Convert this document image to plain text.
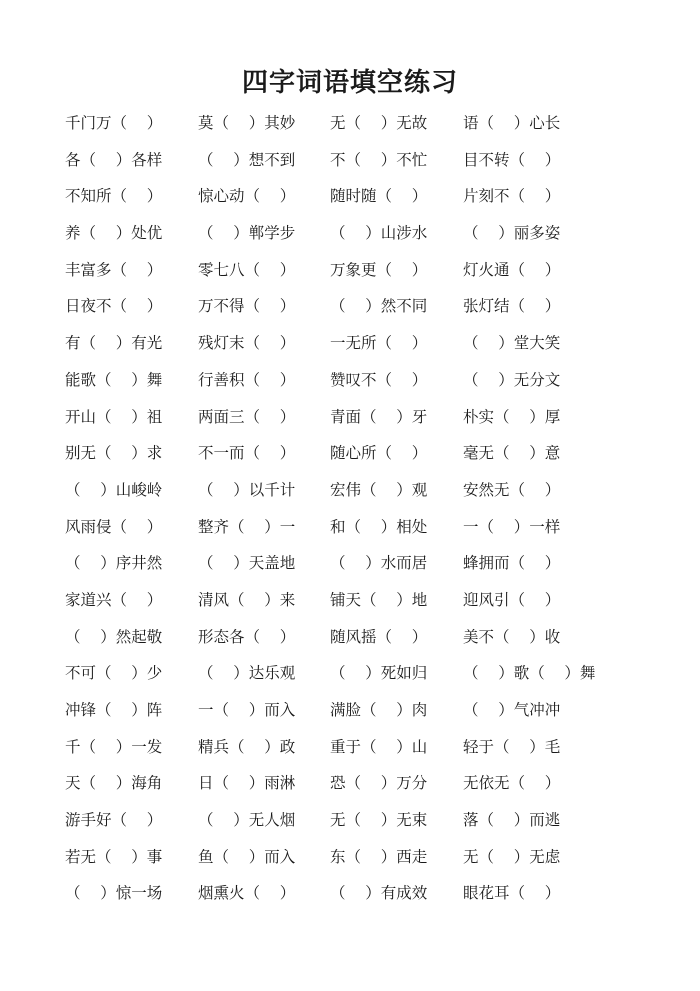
四字词语填空练习
千门万（    ） 莫（    ）其妙 无（    ）无故 语（    ）心长
各（    ）各样 （    ）想不到 不（    ）不忙 目不转（    ）
不知所（    ） 惊心动（    ） 随时随（    ） 片刻不（    ）
养（    ）处优 （    ）郸学步 （    ）山涉水 （    ）丽多姿
丰富多（    ） 零七八（    ） 万象更（    ） 灯火通（    ）
日夜不（    ） 万不得（    ） （    ）然不同 张灯结（    ）
有（    ）有光 残灯末（    ） 一无所（    ） （    ）堂大笑
能歌（    ）舞 行善积（    ） 赞叹不（    ） （    ）无分文
开山（    ）祖 两面三（    ） 青面（    ）牙 朴实（    ）厚
别无（    ）求 不一而（    ） 随心所（    ） 毫无（    ）意
（    ）山峻岭 （    ）以千计 宏伟（    ）观 安然无（    ）
风雨侵（    ） 整齐（    ）一 和（    ）相处 一（    ）一样
（    ）序井然 （    ）天盖地 （    ）水而居 蜂拥而（    ）
家道兴（    ） 清风（    ）来 铺天（    ）地 迎风引（    ）
（    ）然起敬 形态各（    ） 随风摇（    ） 美不（    ）收
不可（    ）少 （    ）达乐观 （    ）死如归 （    ）歌（    ）舞
冲锋（    ）阵 一（    ）而入 满脸（    ）肉 （    ）气冲冲
千（    ）一发 精兵（    ）政 重于（    ）山 轻于（    ）毛
天（    ）海角 日（    ）雨淋 恐（    ）万分 无依无（    ）
游手好（    ） （    ）无人烟 无（    ）无束 落（    ）而逃
若无（    ）事 鱼（    ）而入 东（    ）西走 无（    ）无虑
（    ）惊一场 烟熏火（    ） （    ）有成效 眼花耳（    ）
